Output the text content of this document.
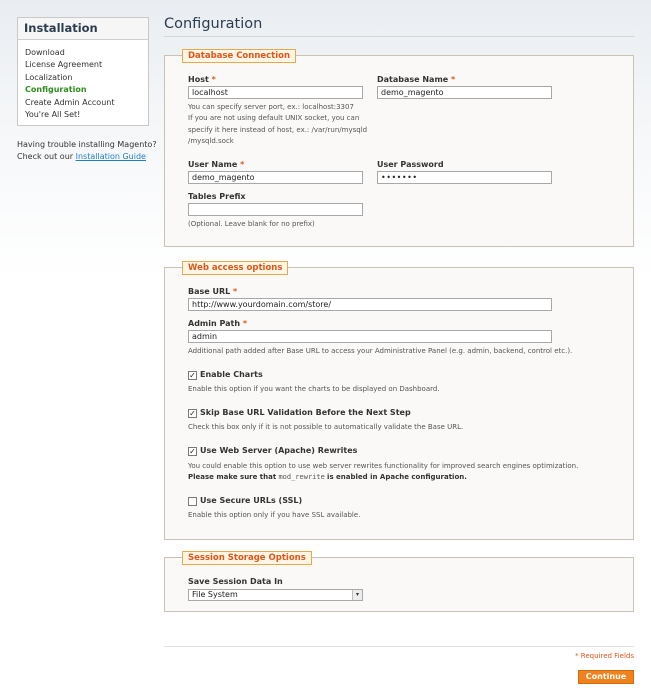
Installation
Download
License Agreement
Localization
Configuration
Create Admin Account
You're All Set!
Having trouble installing Magento?
Check out our Installation Guide
Configuration
Database Connection
Host *
localhost
You can specify server port, ex.: localhost:3307
If you are not using default UNIX socket, you can
specify it here instead of host, ex.: /var/run/mysqld
/mysqld.sock
Database Name *
demo_magento
User Name *
demo_magento
User Password
•••••••
Tables Prefix
(Optional. Leave blank for no prefix)
Web access options
Base URL *
http://www.yourdomain.com/store/
Admin Path *
admin
Additional path added after Base URL to access your Administrative Panel (e.g. admin, backend, control etc.).
✓ Enable Charts
Enable this option if you want the charts to be displayed on Dashboard.
✓ Skip Base URL Validation Before the Next Step
Check this box only if it is not possible to automatically validate the Base URL.
✓ Use Web Server (Apache) Rewrites
You could enable this option to use web server rewrites functionality for improved search engines optimization.
Please make sure that mod_rewrite is enabled in Apache configuration.
Use Secure URLs (SSL)
Enable this option only if you have SSL available.
Session Storage Options
Save Session Data In
File System	▾
* Required Fields
Continue
